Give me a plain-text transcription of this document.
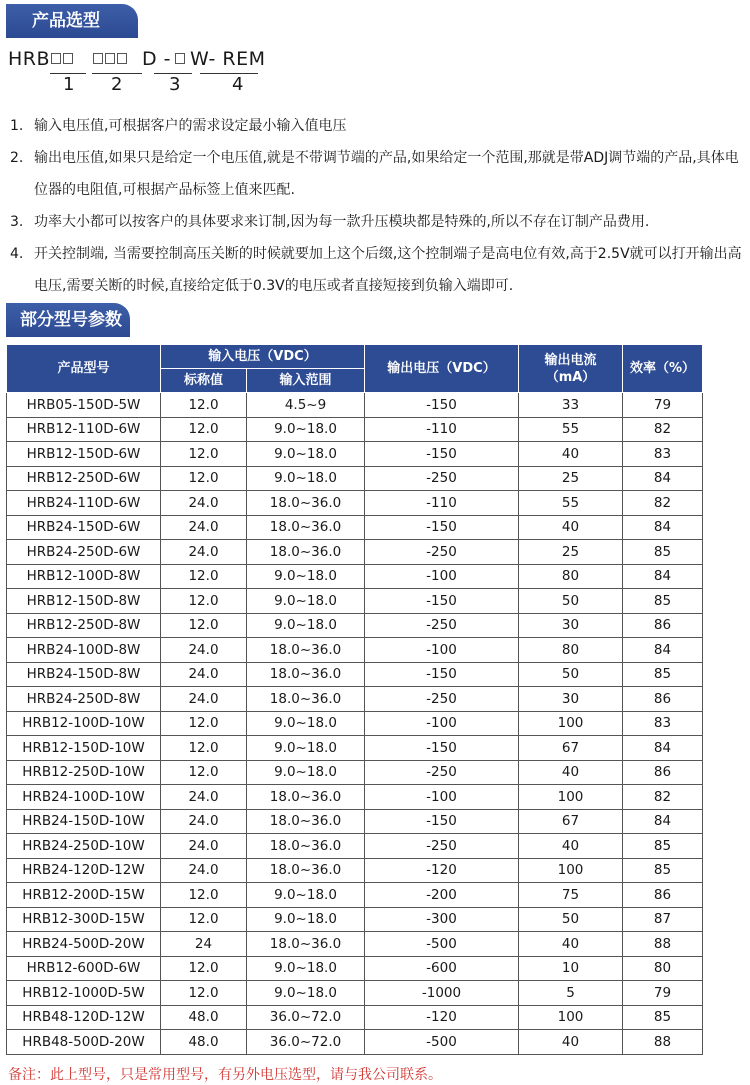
产品选型
HRB	D - W- REM
1 2	3	4
1. 输入电压值,可根据客户的需求设定最小输入值电压
2. 输出电压值,如果只是给定一个电压值,就是不带调节端的产品,如果给定一个范围,那就是带ADJ调节端的产品,具体电位器的电阻值,可根据产品标签上值来匹配.
3. 功率大小都可以按客户的具体要求来订制,因为每一款升压模块都是特殊的,所以不存在订制产品费用.
4. 开关控制端, 当需要控制高压关断的时候就要加上这个后缀,这个控制端子是高电位有效,高于2.5V就可以打开输出高电压,需要关断的时候,直接给定低于0.3V的电压或者直接短接到负输入端即可.
部分型号参数
产品型号	输入电压（VDC）		输出电压（VDC）	输出电流（mA）	效率（%）
	标称值	输入范围			
HRB05-150D-5W	12.0	4.5~9	-150	33	79
HRB12-110D-6W	12.0	9.0~18.0	-110	55	82
HRB12-150D-6W	12.0	9.0~18.0	-150	40	83
HRB12-250D-6W	12.0	9.0~18.0	-250	25	84
HRB24-110D-6W	24.0	18.0~36.0	-110	55	82
HRB24-150D-6W	24.0	18.0~36.0	-150	40	84
HRB24-250D-6W	24.0	18.0~36.0	-250	25	85
HRB12-100D-8W	12.0	9.0~18.0	-100	80	84
HRB12-150D-8W	12.0	9.0~18.0	-150	50	85
HRB12-250D-8W	12.0	9.0~18.0	-250	30	86
HRB24-100D-8W	24.0	18.0~36.0	-100	80	84
HRB24-150D-8W	24.0	18.0~36.0	-150	50	85
HRB24-250D-8W	24.0	18.0~36.0	-250	30	86
HRB12-100D-10W	12.0	9.0~18.0	-100	100	83
HRB12-150D-10W	12.0	9.0~18.0	-150	67	84
HRB12-250D-10W	12.0	9.0~18.0	-250	40	86
HRB24-100D-10W	24.0	18.0~36.0	-100	100	82
HRB24-150D-10W	24.0	18.0~36.0	-150	67	84
HRB24-250D-10W	24.0	18.0~36.0	-250	40	85
HRB24-120D-12W	24.0	18.0~36.0	-120	100	85
HRB12-200D-15W	12.0	9.0~18.0	-200	75	86
HRB12-300D-15W	12.0	9.0~18.0	-300	50	87
HRB24-500D-20W	24	18.0~36.0	-500	40	88
HRB12-600D-6W	12.0	9.0~18.0	-600	10	80
HRB12-1000D-5W	12.0	9.0~18.0	-1000	5	79
HRB48-120D-12W	48.0	36.0~72.0	-120	100	85
HRB48-500D-20W	48.0	36.0~72.0	-500	40	88
备注：此上型号，只是常用型号，有另外电压选型，请与我公司联系。
